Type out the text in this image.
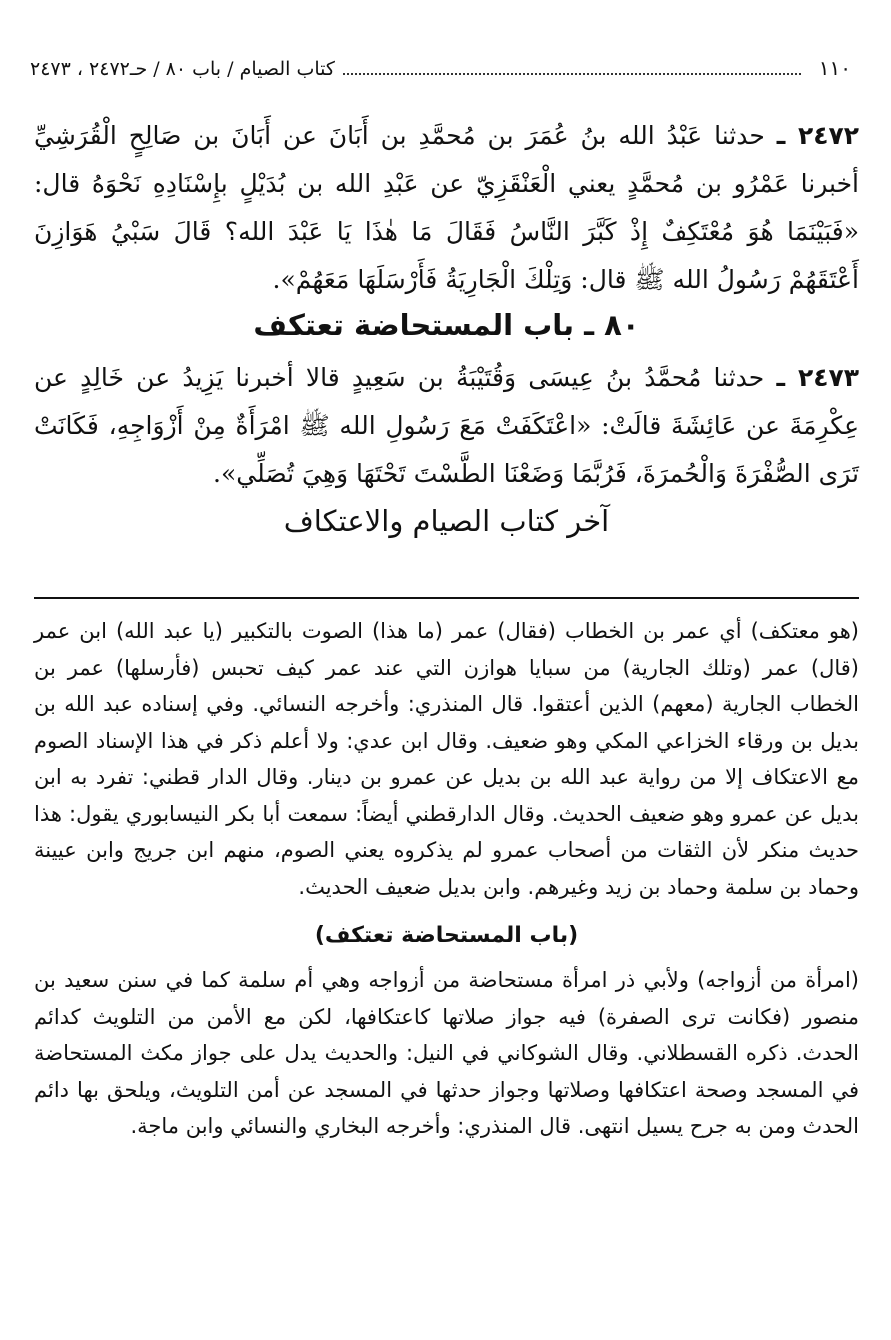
١١٠
كتاب الصيام / باب ٨٠ / حـ٢٤٧٢ ، ٢٤٧٣

٢٤٧٢ ـ حدثنا عَبْدُ الله بنُ عُمَرَ بن مُحمَّدِ بن أَبَانَ عن أَبَانَ بن صَالِحٍ الْقُرَشِيِّ أخبرنا عَمْرُو بن مُحمَّدٍ يعني الْعَنْقَزِيّ عن عَبْدِ الله بن بُدَيْلٍ بإِسْنَادِهِ نَحْوَهُ قال: «فَبَيْنَمَا هُوَ مُعْتَكِفٌ إِذْ كَبَّرَ النَّاسُ فَقَالَ مَا هٰذَا يَا عَبْدَ الله؟ قَالَ سَبْيُ هَوَازِنَ أَعْتَقَهُمْ رَسُولُ الله ﷺ قال: وَتِلْكَ الْجَارِيَةُ فَأَرْسَلَهَا مَعَهُمْ».

٨٠ ـ باب المستحاضة تعتكف

٢٤٧٣ ـ حدثنا مُحمَّدُ بنُ عِيسَى وَقُتَيْبَةُ بن سَعِيدٍ قالا أخبرنا يَزِيدُ عن خَالِدٍ عن عِكْرِمَةَ عن عَائِشَةَ قالَتْ: «اعْتَكَفَتْ مَعَ رَسُولِ الله ﷺ امْرَأَةٌ مِنْ أَزْوَاجِهِ، فَكَانَتْ تَرَى الصُّفْرَةَ وَالْحُمرَةَ، فَرُبَّمَا وَضَعْنَا الطَّسْتَ تَحْتَهَا وَهِيَ تُصَلِّي».

آخر كتاب الصيام والاعتكاف

(هو معتكف) أي عمر بن الخطاب (فقال) عمر (ما هذا) الصوت بالتكبير (يا عبد الله) ابن عمر (قال) عمر (وتلك الجارية) من سبايا هوازن التي عند عمر كيف تحبس (فأرسلها) عمر بن الخطاب الجارية (معهم) الذين أعتقوا. قال المنذري: وأخرجه النسائي. وفي إسناده عبد الله بن بديل بن ورقاء الخزاعي المكي وهو ضعيف. وقال ابن عدي: ولا أعلم ذكر في هذا الإسناد الصوم مع الاعتكاف إلا من رواية عبد الله بن بديل عن عمرو بن دينار. وقال الدار قطني: تفرد به ابن بديل عن عمرو وهو ضعيف الحديث. وقال الدارقطني أيضاً: سمعت أبا بكر النيسابوري يقول: هذا حديث منكر لأن الثقات من أصحاب عمرو لم يذكروه يعني الصوم، منهم ابن جريج وابن عيينة وحماد بن سلمة وحماد بن زيد وغيرهم. وابن بديل ضعيف الحديث.

(باب المستحاضة تعتكف)

(امرأة من أزواجه) ولأبي ذر امرأة مستحاضة من أزواجه وهي أم سلمة كما في سنن سعيد بن منصور (فكانت ترى الصفرة) فيه جواز صلاتها كاعتكافها، لكن مع الأمن من التلويث كدائم الحدث. ذكره القسطلاني. وقال الشوكاني في النيل: والحديث يدل على جواز مكث المستحاضة في المسجد وصحة اعتكافها وصلاتها وجواز حدثها في المسجد عن أمن التلويث، ويلحق بها دائم الحدث ومن به جرح يسيل انتهى. قال المنذري: وأخرجه البخاري والنسائي وابن ماجة.
